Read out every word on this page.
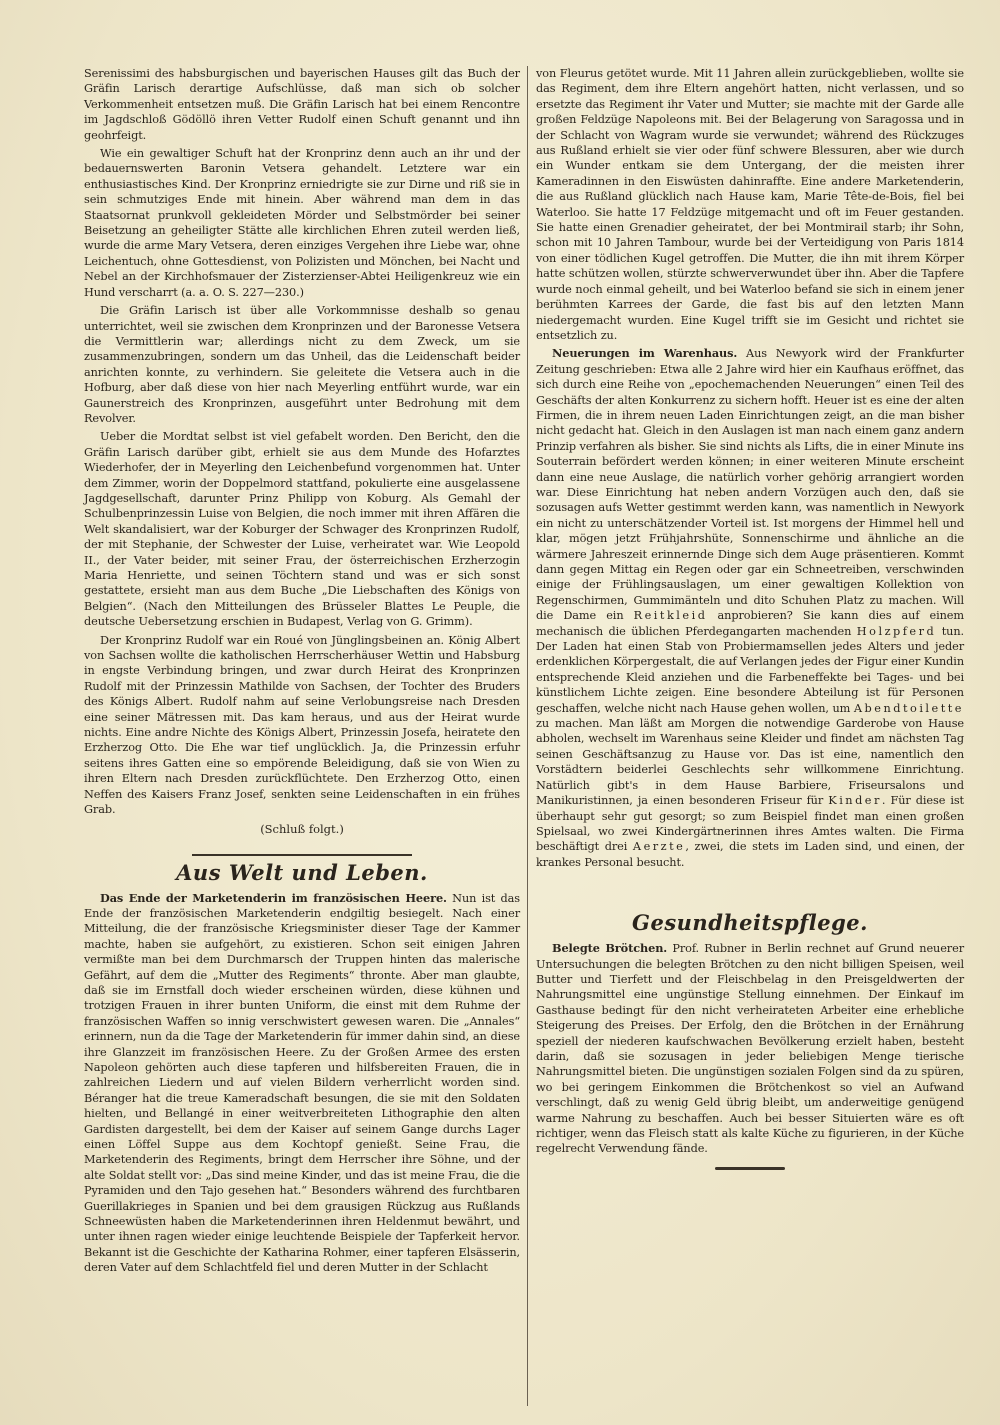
Serenissimi des habsburgischen und bayerischen Hauses gilt das Buch der Gräfin Larisch derartige Aufschlüsse, daß man sich ob solcher Verkommenheit entsetzen muß. Die Gräfin Larisch hat bei einem Rencontre im Jagdschloß Gödöllö ihren Vetter Rudolf einen Schuft genannt und ihn geohrfeigt.

Wie ein gewaltiger Schuft hat der Kronprinz denn auch an ihr und der bedauernswerten Baronin Vetsera gehandelt. Letztere war ein enthusiastisches Kind. Der Kronprinz erniedrigte sie zur Dirne und riß sie in sein schmutziges Ende mit hinein. Aber während man dem in das Staatsornat prunkvoll gekleideten Mörder und Selbstmörder bei seiner Beisetzung an geheiligter Stätte alle kirchlichen Ehren zuteil werden ließ, wurde die arme Mary Vetsera, deren einziges Vergehen ihre Liebe war, ohne Leichentuch, ohne Gottesdienst, von Polizisten und Mönchen, bei Nacht und Nebel an der Kirchhofsmauer der Zisterzienser-Abtei Heiligenkreuz wie ein Hund verscharrt (a. a. O. S. 227—230.)

Die Gräfin Larisch ist über alle Vorkommnisse deshalb so genau unterrichtet, weil sie zwischen dem Kronprinzen und der Baronesse Vetsera die Vermittlerin war; allerdings nicht zu dem Zweck, um sie zusammenzubringen, sondern um das Unheil, das die Leidenschaft beider anrichten konnte, zu verhindern. Sie geleitete die Vetsera auch in die Hofburg, aber daß diese von hier nach Meyerling entführt wurde, war ein Gaunerstreich des Kronprinzen, ausgeführt unter Bedrohung mit dem Revolver.

Ueber die Mordtat selbst ist viel gefabelt worden. Den Bericht, den die Gräfin Larisch darüber gibt, erhielt sie aus dem Munde des Hofarztes Wiederhofer, der in Meyerling den Leichenbefund vorgenommen hat. Unter dem Zimmer, worin der Doppelmord stattfand, pokulierte eine ausgelassene Jagdgesellschaft, darunter Prinz Philipp von Koburg. Als Gemahl der Schulbenprinzessin Luise von Belgien, die noch immer mit ihren Affären die Welt skandalisiert, war der Koburger der Schwager des Kronprinzen Rudolf, der mit Stephanie, der Schwester der Luise, verheiratet war. Wie Leopold II., der Vater beider, mit seiner Frau, der österreichischen Erzherzogin Maria Henriette, und seinen Töchtern stand und was er sich sonst gestattete, ersieht man aus dem Buche „Die Liebschaften des Königs von Belgien“. (Nach den Mitteilungen des Brüsseler Blattes Le Peuple, die deutsche Uebersetzung erschien in Budapest, Verlag von G. Grimm).

Der Kronprinz Rudolf war ein Roué von Jünglingsbeinen an. König Albert von Sachsen wollte die katholischen Herrscherhäuser Wettin und Habsburg in engste Verbindung bringen, und zwar durch Heirat des Kronprinzen Rudolf mit der Prinzessin Mathilde von Sachsen, der Tochter des Bruders des Königs Albert. Rudolf nahm auf seine Verlobungsreise nach Dresden eine seiner Mätressen mit. Das kam heraus, und aus der Heirat wurde nichts. Eine andre Nichte des Königs Albert, Prinzessin Josefa, heiratete den Erzherzog Otto. Die Ehe war tief unglücklich. Ja, die Prinzessin erfuhr seitens ihres Gatten eine so empörende Beleidigung, daß sie von Wien zu ihren Eltern nach Dresden zurückflüchtete. Den Erzherzog Otto, einen Neffen des Kaisers Franz Josef, senkten seine Leidenschaften in ein frühes Grab.

(Schluß folgt.)
Aus Welt und Leben.

Das Ende der Marketenderin im französischen Heere. Nun ist das Ende der französischen Marketenderin endgiltig besiegelt. Nach einer Mitteilung, die der französische Kriegsminister dieser Tage der Kammer machte, haben sie aufgehört, zu existieren. Schon seit einigen Jahren vermißte man bei dem Durchmarsch der Truppen hinten das malerische Gefährt, auf dem die „Mutter des Regiments“ thronte. Aber man glaubte, daß sie im Ernstfall doch wieder erscheinen würden, diese kühnen und trotzigen Frauen in ihrer bunten Uniform, die einst mit dem Ruhme der französischen Waffen so innig verschwistert gewesen waren. Die „Annales“ erinnern, nun da die Tage der Marketenderin für immer dahin sind, an diese ihre Glanzzeit im französischen Heere. Zu der Großen Armee des ersten Napoleon gehörten auch diese tapferen und hilfsbereiten Frauen, die in zahlreichen Liedern und auf vielen Bildern verherrlicht worden sind. Béranger hat die treue Kameradschaft besungen, die sie mit den Soldaten hielten, und Bellangé in einer weitverbreiteten Lithographie den alten Gardisten dargestellt, bei dem der Kaiser auf seinem Gange durchs Lager einen Löffel Suppe aus dem Kochtopf genießt. Seine Frau, die Marketenderin des Regiments, bringt dem Herrscher ihre Söhne, und der alte Soldat stellt vor: „Das sind meine Kinder, und das ist meine Frau, die die Pyramiden und den Tajo gesehen hat.“ Besonders während des furchtbaren Guerillakrieges in Spanien und bei dem grausigen Rückzug aus Rußlands Schneewüsten haben die Marketenderinnen ihren Heldenmut bewährt, und unter ihnen ragen wieder einige leuchtende Beispiele der Tapferkeit hervor. Bekannt ist die Geschichte der Katharina Rohmer, einer tapferen Elsässerin, deren Vater auf dem Schlachtfeld fiel und deren Mutter in der Schlacht

von Fleurus getötet wurde. Mit 11 Jahren allein zurückgeblieben, wollte sie das Regiment, dem ihre Eltern angehört hatten, nicht verlassen, und so ersetzte das Regiment ihr Vater und Mutter; sie machte mit der Garde alle großen Feldzüge Napoleons mit. Bei der Belagerung von Saragossa und in der Schlacht von Wagram wurde sie verwundet; während des Rückzuges aus Rußland erhielt sie vier oder fünf schwere Blessuren, aber wie durch ein Wunder entkam sie dem Untergang, der die meisten ihrer Kameradinnen in den Eiswüsten dahinraffte. Eine andere Marketenderin, die aus Rußland glücklich nach Hause kam, Marie Tête-de-Bois, fiel bei Waterloo. Sie hatte 17 Feldzüge mitgemacht und oft im Feuer gestanden. Sie hatte einen Grenadier geheiratet, der bei Montmirail starb; ihr Sohn, schon mit 10 Jahren Tambour, wurde bei der Verteidigung von Paris 1814 von einer tödlichen Kugel getroffen. Die Mutter, die ihn mit ihrem Körper hatte schützen wollen, stürzte schwerverwundet über ihn. Aber die Tapfere wurde noch einmal geheilt, und bei Waterloo befand sie sich in einem jener berühmten Karrees der Garde, die fast bis auf den letzten Mann niedergemacht wurden. Eine Kugel trifft sie im Gesicht und richtet sie entsetzlich zu.

Neuerungen im Warenhaus. Aus Newyork wird der Frankfurter Zeitung geschrieben: Etwa alle 2 Jahre wird hier ein Kaufhaus eröffnet, das sich durch eine Reihe von „epochemachenden Neuerungen“ einen Teil des Geschäfts der alten Konkurrenz zu sichern hofft. Heuer ist es eine der alten Firmen, die in ihrem neuen Laden Einrichtungen zeigt, an die man bisher nicht gedacht hat. Gleich in den Auslagen ist man nach einem ganz andern Prinzip verfahren als bisher. Sie sind nichts als Lifts, die in einer Minute ins Souterrain befördert werden können; in einer weiteren Minute erscheint dann eine neue Auslage, die natürlich vorher gehörig arrangiert worden war. Diese Einrichtung hat neben andern Vorzügen auch den, daß sie sozusagen aufs Wetter gestimmt werden kann, was namentlich in Newyork ein nicht zu unterschätzender Vorteil ist. Ist morgens der Himmel hell und klar, mögen jetzt Frühjahrshüte, Sonnenschirme und ähnliche an die wärmere Jahreszeit erinnernde Dinge sich dem Auge präsentieren. Kommt dann gegen Mittag ein Regen oder gar ein Schneetreiben, verschwinden einige der Frühlingsauslagen, um einer gewaltigen Kollektion von Regenschirmen, Gummimänteln und dito Schuhen Platz zu machen. Will die Dame ein Reitkleid anprobieren? Sie kann dies auf einem mechanisch die üblichen Pferdegangarten machenden Holzpferd tun. Der Laden hat einen Stab von Probiermamsellen jedes Alters und jeder erdenklichen Körpergestalt, die auf Verlangen jedes der Figur einer Kundin entsprechende Kleid anziehen und die Farbeneffekte bei Tages- und bei künstlichem Lichte zeigen. Eine besondere Abteilung ist für Personen geschaffen, welche nicht nach Hause gehen wollen, um Abendtoilette zu machen. Man läßt am Morgen die notwendige Garderobe von Hause abholen, wechselt im Warenhaus seine Kleider und findet am nächsten Tag seinen Geschäftsanzug zu Hause vor. Das ist eine, namentlich den Vorstädtern beiderlei Geschlechts sehr willkommene Einrichtung. Natürlich gibt's in dem Hause Barbiere, Friseursalons und Manikuristinnen, ja einen besonderen Friseur für Kinder. Für diese ist überhaupt sehr gut gesorgt; so zum Beispiel findet man einen großen Spielsaal, wo zwei Kindergärtnerinnen ihres Amtes walten. Die Firma beschäftigt drei Aerzte, zwei, die stets im Laden sind, und einen, der krankes Personal besucht.

Gesundheitspflege.

Belegte Brötchen. Prof. Rubner in Berlin rechnet auf Grund neuerer Untersuchungen die belegten Brötchen zu den nicht billigen Speisen, weil Butter und Tierfett und der Fleischbelag in den Preisgeldwerten der Nahrungsmittel eine ungünstige Stellung einnehmen. Der Einkauf im Gasthause bedingt für den nicht verheirateten Arbeiter eine erhebliche Steigerung des Preises. Der Erfolg, den die Brötchen in der Ernährung speziell der niederen kaufschwachen Bevölkerung erzielt haben, besteht darin, daß sie sozusagen in jeder beliebigen Menge tierische Nahrungsmittel bieten. Die ungünstigen sozialen Folgen sind da zu spüren, wo bei geringem Einkommen die Brötchenkost so viel an Aufwand verschlingt, daß zu wenig Geld übrig bleibt, um anderweitige genügend warme Nahrung zu beschaffen. Auch bei besser Situierten wäre es oft richtiger, wenn das Fleisch statt als kalte Küche zu figurieren, in der Küche regelrecht Verwendung fände.
